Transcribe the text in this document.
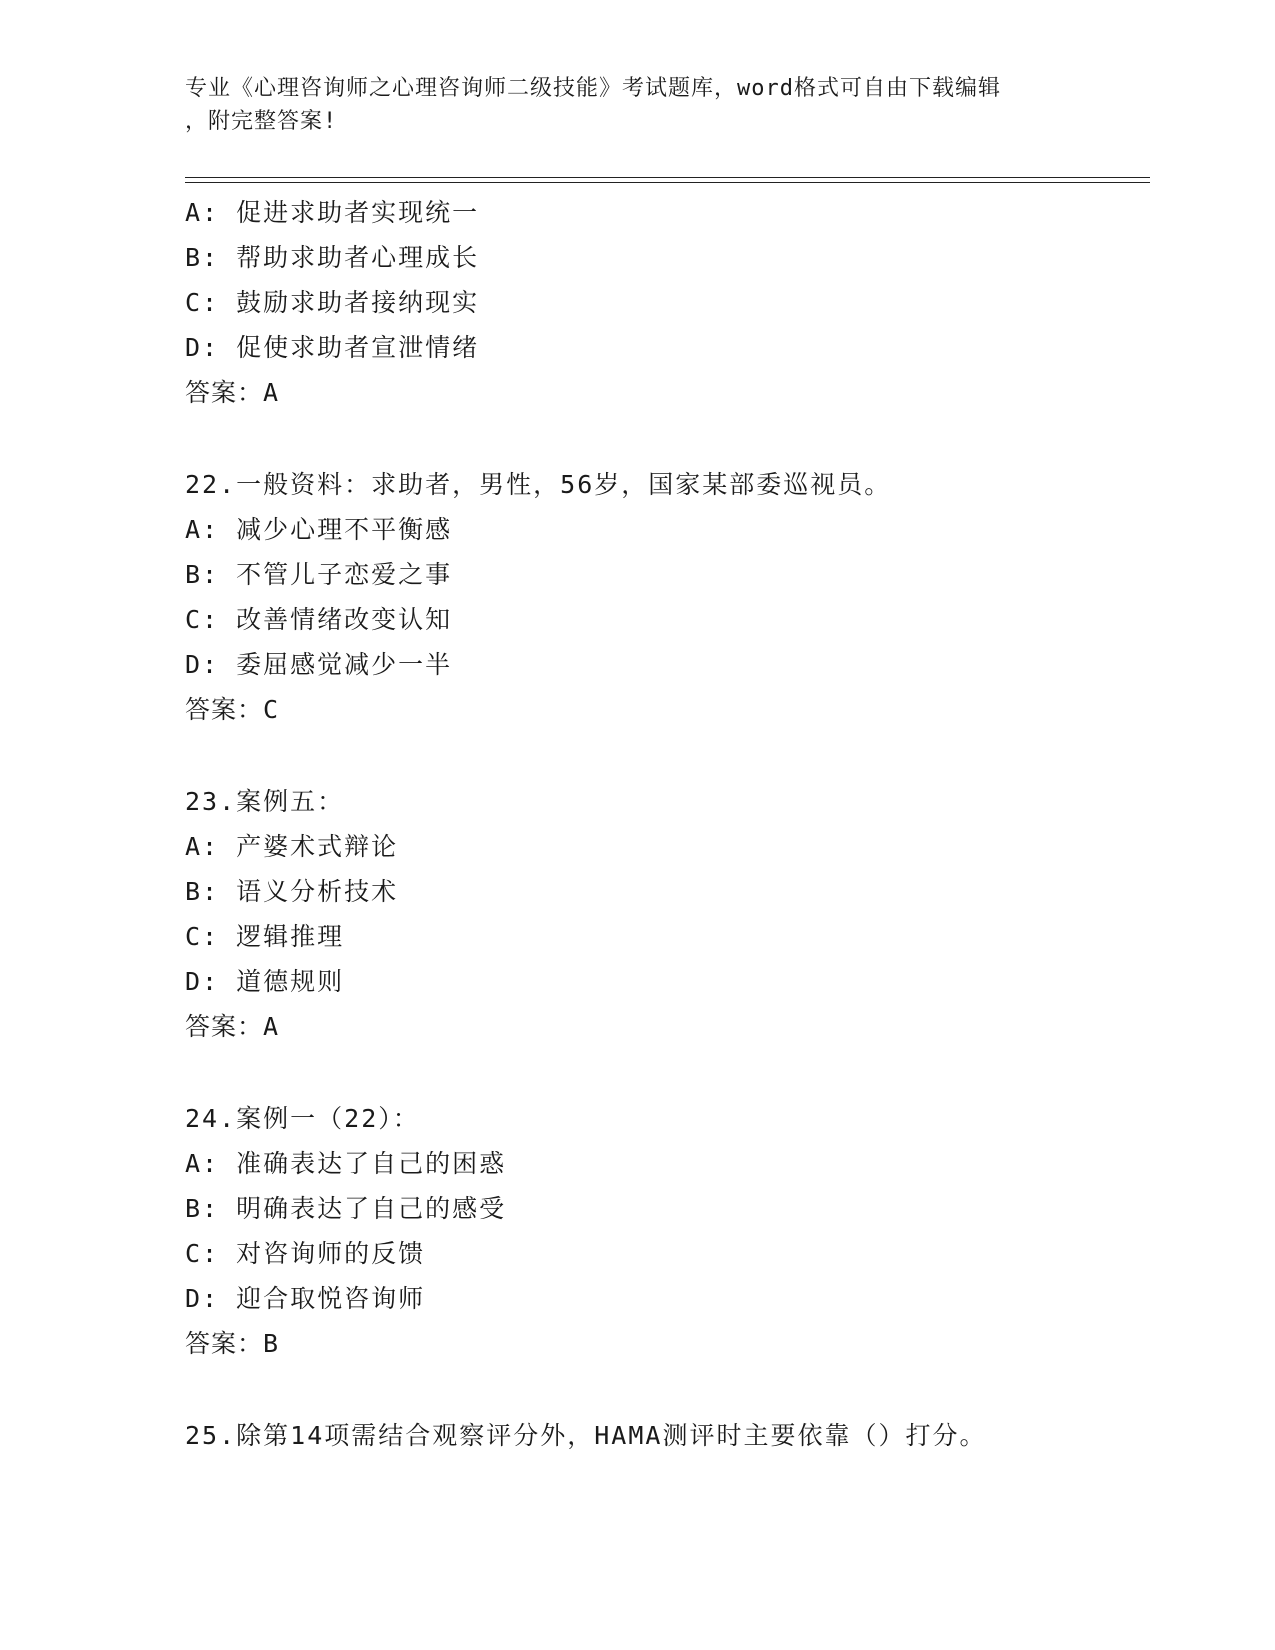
专业《心理咨询师之心理咨询师二级技能》考试题库，word格式可自由下载编辑
，附完整答案!
A: 促进求助者实现统一
B: 帮助求助者心理成长
C: 鼓励求助者接纳现实
D: 促使求助者宣泄情绪
答案：A
22.一般资料：求助者，男性，56岁，国家某部委巡视员。
A: 减少心理不平衡感
B: 不管儿子恋爱之事
C: 改善情绪改变认知
D: 委屈感觉减少一半
答案：C
23.案例五：
A: 产婆术式辩论
B: 语义分析技术
C: 逻辑推理
D: 道德规则
答案：A
24.案例一（22）：
A: 准确表达了自己的困惑
B: 明确表达了自己的感受
C: 对咨询师的反馈
D: 迎合取悦咨询师
答案：B
25.除第14项需结合观察评分外，HAMA测评时主要依靠（）打分。
